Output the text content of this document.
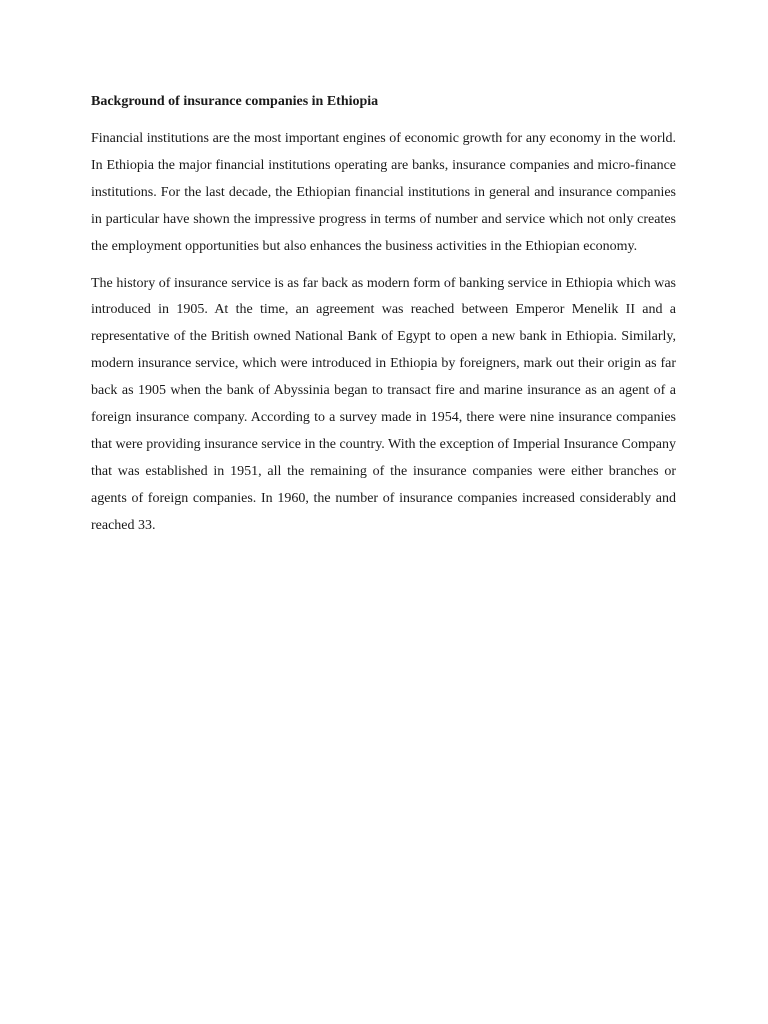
Background of insurance companies in Ethiopia

Financial institutions are the most important engines of economic growth for any economy in the world. In Ethiopia the major financial institutions operating are banks, insurance companies and micro-finance institutions. For the last decade, the Ethiopian financial institutions in general and insurance companies in particular have shown the impressive progress in terms of number and service which not only creates the employment opportunities but also enhances the business activities in the Ethiopian economy.

The history of insurance service is as far back as modern form of banking service in Ethiopia which was introduced in 1905. At the time, an agreement was reached between Emperor Menelik II and a representative of the British owned National Bank of Egypt to open a new bank in Ethiopia. Similarly, modern insurance service, which were introduced in Ethiopia by foreigners, mark out their origin as far back as 1905 when the bank of Abyssinia began to transact fire and marine insurance as an agent of a foreign insurance company. According to a survey made in 1954, there were nine insurance companies that were providing insurance service in the country. With the exception of Imperial Insurance Company that was established in 1951, all the remaining of the insurance companies were either branches or agents of foreign companies. In 1960, the number of insurance companies increased considerably and reached 33.
